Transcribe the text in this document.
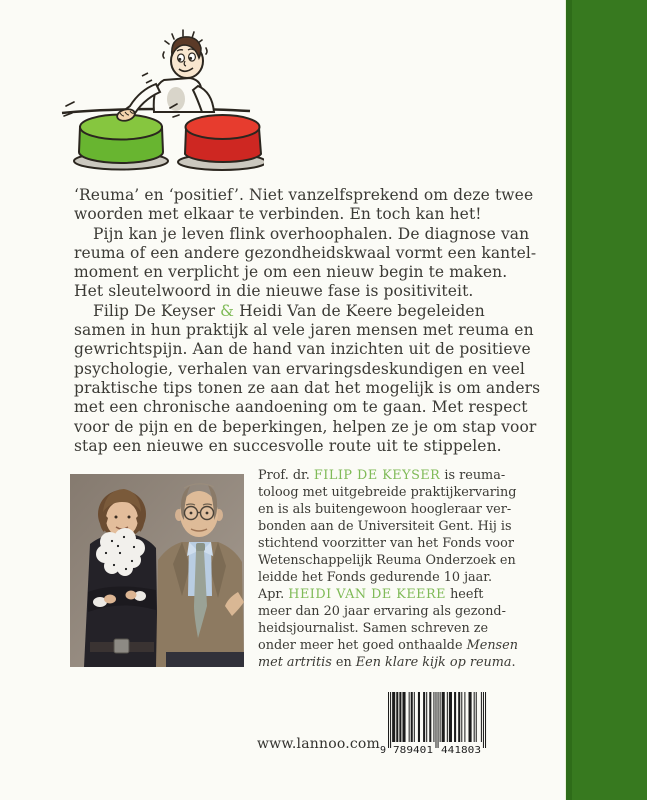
‘Reuma’ en ‘positief’. Niet vanzelfsprekend om deze twee
woorden met elkaar te verbinden. En toch kan het!
Pijn kan je leven flink overhoophalen. De diagnose van
reuma of een andere gezondheidskwaal vormt een kantel-
moment en verplicht je om een nieuw begin te maken.
Het sleutelwoord in die nieuwe fase is positiviteit.
Filip De Keyser & Heidi Van de Keere begeleiden
samen in hun praktijk al vele jaren mensen met reuma en
gewrichtspijn. Aan de hand van inzichten uit de positieve
psychologie, verhalen van ervaringsdeskundigen en veel
praktische tips tonen ze aan dat het mogelijk is om anders
met een chronische aandoening om te gaan. Met respect
voor de pijn en de beperkingen, helpen ze je om stap voor
stap een nieuwe en succesvolle route uit te stippelen.
Prof. dr. FILIP DE KEYSER is reuma-
toloog met uitgebreide praktijkervaring
en is als buitengewoon hoogleraar ver-
bonden aan de Universiteit Gent. Hij is
stichtend voorzitter van het Fonds voor
Wetenschappelijk Reuma Onderzoek en
leidde het Fonds gedurende 10 jaar.
Apr. HEIDI VAN DE KEERE heeft
meer dan 20 jaar ervaring als gezond-
heidsjournalist. Samen schreven ze
onder meer het goed onthaalde Mensen
met artritis en Een klare kijk op reuma.
www.lannoo.com 9 789401 441803
